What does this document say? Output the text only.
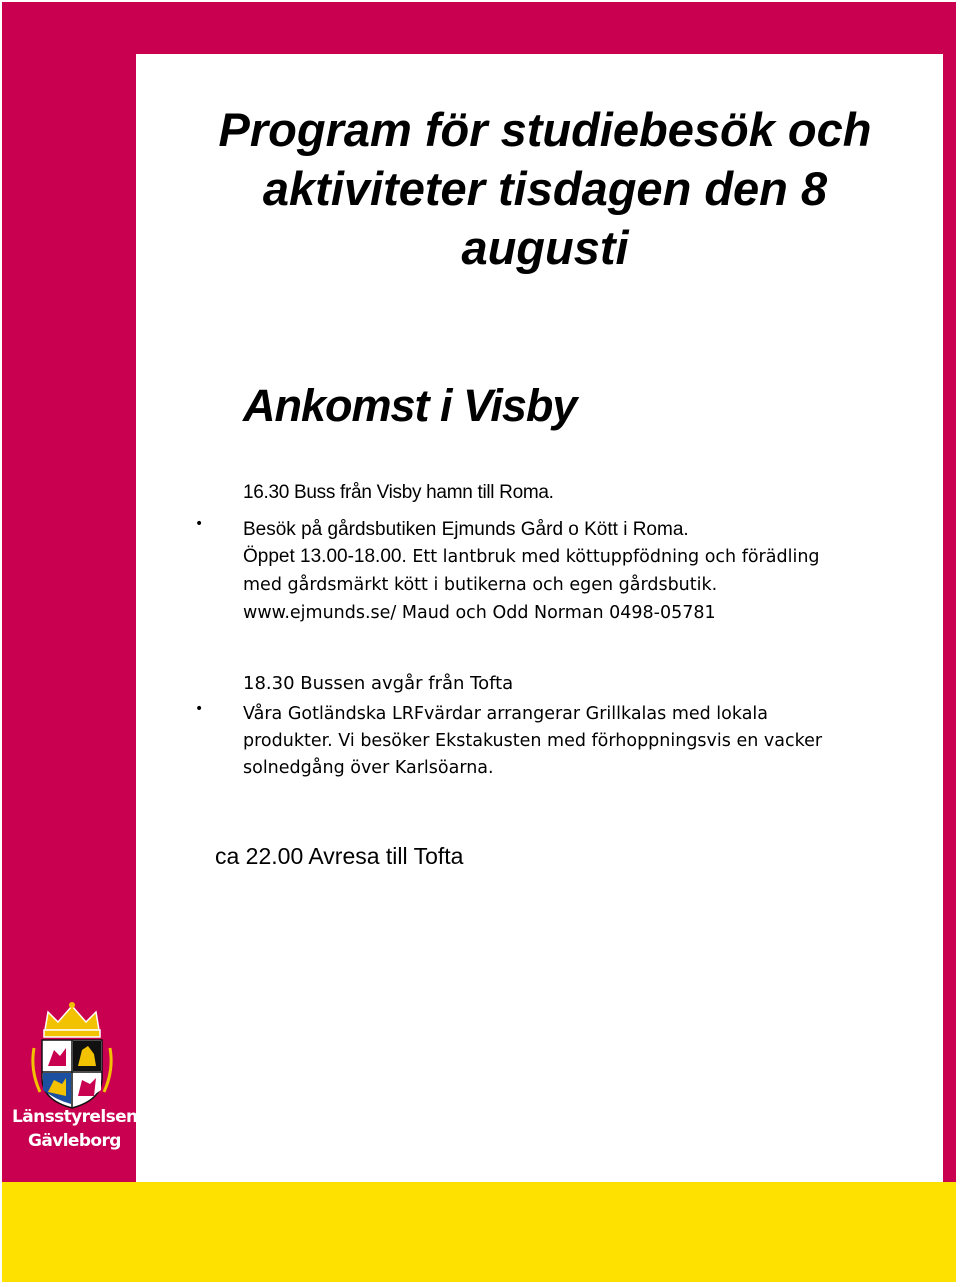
Program för studiebesök och
aktiviteter tisdagen den 8
augusti
Ankomst i Visby
16.30 Buss från Visby hamn till Roma.
• Besök på gårdsbutiken Ejmunds Gård o Kött i Roma.
Öppet 13.00-18.00. Ett lantbruk med köttuppfödning och förädling
med gårdsmärkt kött i butikerna och egen gårdsbutik.
www.ejmunds.se/ Maud och Odd Norman 0498-05781

18.30 Bussen avgår från Tofta
• Våra Gotländska LRFvärdar arrangerar Grillkalas med lokala
produkter. Vi besöker Ekstakusten med förhoppningsvis en vacker
solnedgång över Karlsöarna.

ca 22.00 Avresa till Tofta

Länsstyrelsen
Gävleborg
